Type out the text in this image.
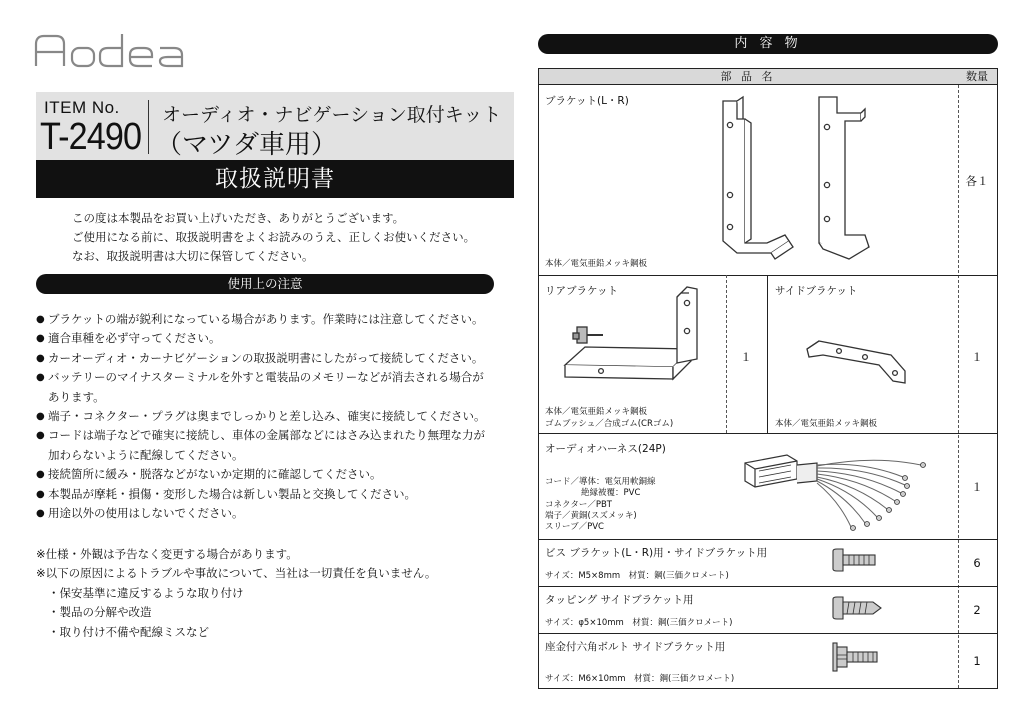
ITEM No.
T-2490
オーディオ・ナビゲーション取付キット
（マツダ車用）
取扱説明書
この度は本製品をお買い上げいただき、ありがとうございます。
ご使用になる前に、取扱説明書をよくお読みのうえ、正しくお使いください。
なお、取扱説明書は大切に保管してください。
使用上の注意
● ブラケットの端が鋭利になっている場合があります。作業時には注意してください。
● 適合車種を必ず守ってください。
● カーオーディオ・カーナビゲーションの取扱説明書にしたがって接続してください。
● バッテリーのマイナスターミナルを外すと電装品のメモリーなどが消去される場合が
あります。
● 端子・コネクター・プラグは奥までしっかりと差し込み、確実に接続してください。
● コードは端子などで確実に接続し、車体の金属部などにはさみ込まれたり無理な力が
加わらないように配線してください。
● 接続箇所に緩み・脱落などがないか定期的に確認してください。
● 本製品が摩耗・損傷・変形した場合は新しい製品と交換してください。
● 用途以外の使用はしないでください。
※仕様・外観は予告なく変更する場合があります。
※以下の原因によるトラブルや事故について、当社は一切責任を負いません。
・保安基準に違反するような取り付け
・製品の分解や改造
・取り付け不備や配線ミスなど
内 容 物
部 品 名	数量
ブラケット(L・R)
本体／電気亜鉛メッキ鋼板
各１
リアブラケット
本体／電気亜鉛メッキ鋼板
ゴムブッシュ／合成ゴム(CRゴム)
１
サイドブラケット
本体／電気亜鉛メッキ鋼板
１
オーディオハーネス(24P)
コード／導体：電気用軟銅線
絶縁被覆：PVC
コネクター／PBT
端子／黄銅(スズメッキ)
スリーブ／PVC
１
ビス ブラケット(L・R)用・サイドブラケット用
サイズ：M5×8mm　材質：鋼(三価クロメート)
6
タッピング サイドブラケット用
サイズ：φ5×10mm　材質：鋼(三価クロメート)
2
座金付六角ボルト サイドブラケット用
サイズ：M6×10mm　材質：鋼(三価クロメート)
1
